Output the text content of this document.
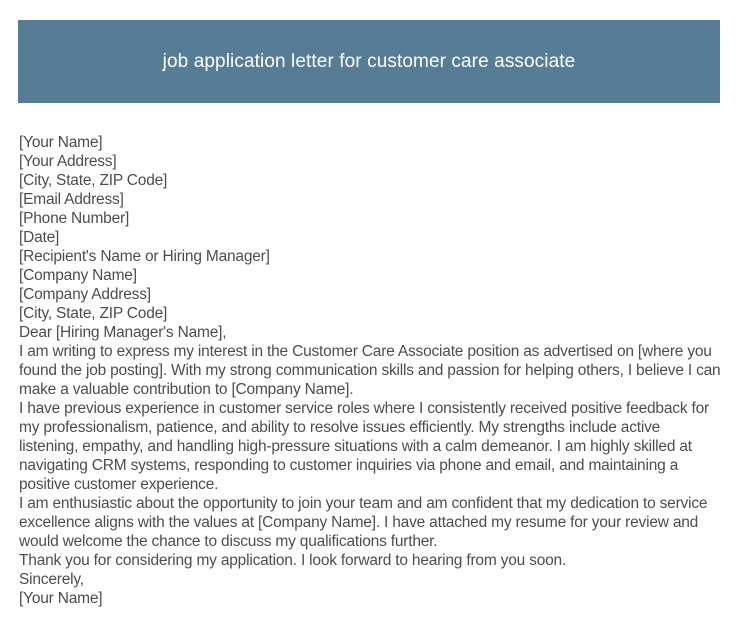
job application letter for customer care associate
[Your Name]
[Your Address]
[City, State, ZIP Code]
[Email Address]
[Phone Number]
[Date]
[Recipient's Name or Hiring Manager]
[Company Name]
[Company Address]
[City, State, ZIP Code]
Dear [Hiring Manager's Name],

I am writing to express my interest in the Customer Care Associate position as advertised on [where you found the job posting]. With my strong communication skills and passion for helping others, I believe I can make a valuable contribution to [Company Name].

I have previous experience in customer service roles where I consistently received positive feedback for my professionalism, patience, and ability to resolve issues efficiently. My strengths include active listening, empathy, and handling high-pressure situations with a calm demeanor. I am highly skilled at navigating CRM systems, responding to customer inquiries via phone and email, and maintaining a positive customer experience.

I am enthusiastic about the opportunity to join your team and am confident that my dedication to service excellence aligns with the values at [Company Name]. I have attached my resume for your review and would welcome the chance to discuss my qualifications further.

Thank you for considering my application. I look forward to hearing from you soon.

Sincerely,
[Your Name]
